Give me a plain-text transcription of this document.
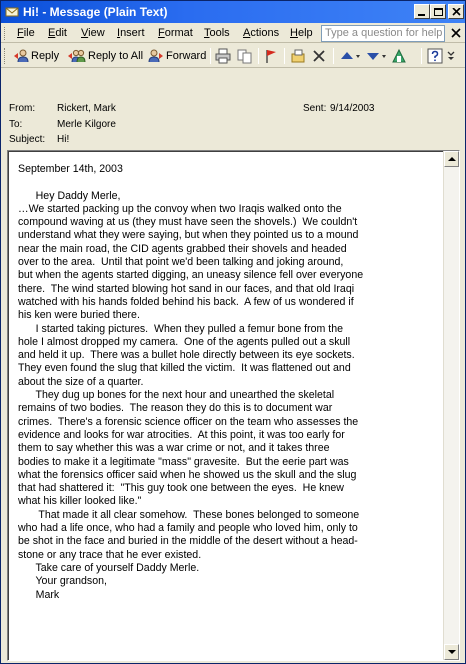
Hi! - Message (Plain Text)
File Edit View Insert Format Tools Actions Help	Type a question for help
Reply	Reply to All Forward
From: Rickert, Mark
To:	Merle Kilgore
Subject: Hi!
Sent: 9/14/2003
September 14th, 2003

Hey Daddy Merle,
…We started packing up the convoy when two Iraqis walked onto the
compound waving at us (they must have seen the shovels.)  We couldn't
understand what they were saying, but when they pointed us to a mound
near the main road, the CID agents grabbed their shovels and headed
over to the area.  Until that point we'd been talking and joking around,
but when the agents started digging, an uneasy silence fell over everyone
there.  The wind started blowing hot sand in our faces, and that old Iraqi
watched with his hands folded behind his back.  A few of us wondered if
his ken were buried there.
I started taking pictures.  When they pulled a femur bone from the
hole I almost dropped my camera.  One of the agents pulled out a skull
and held it up.  There was a bullet hole directly between its eye sockets.
They even found the slug that killed the victim.  It was flattened out and
about the size of a quarter.
They dug up bones for the next hour and unearthed the skeletal
remains of two bodies.  The reason they do this is to document war
crimes.  There's a forensic science officer on the team who assesses the
evidence and looks for war atrocities.  At this point, it was too early for
them to say whether this was a war crime or not, and it takes three
bodies to make it a legitimate "mass" gravesite.  But the eerie part was
what the forensics officer said when he showed us the skull and the slug
that had shattered it:  "This guy took one between the eyes.  He knew
what his killer looked like."
That made it all clear somehow.  These bones belonged to someone
who had a life once, who had a family and people who loved him, only to
be shot in the face and buried in the middle of the desert without a head-
stone or any trace that he ever existed.
Take care of yourself Daddy Merle.
Your grandson,
Mark
